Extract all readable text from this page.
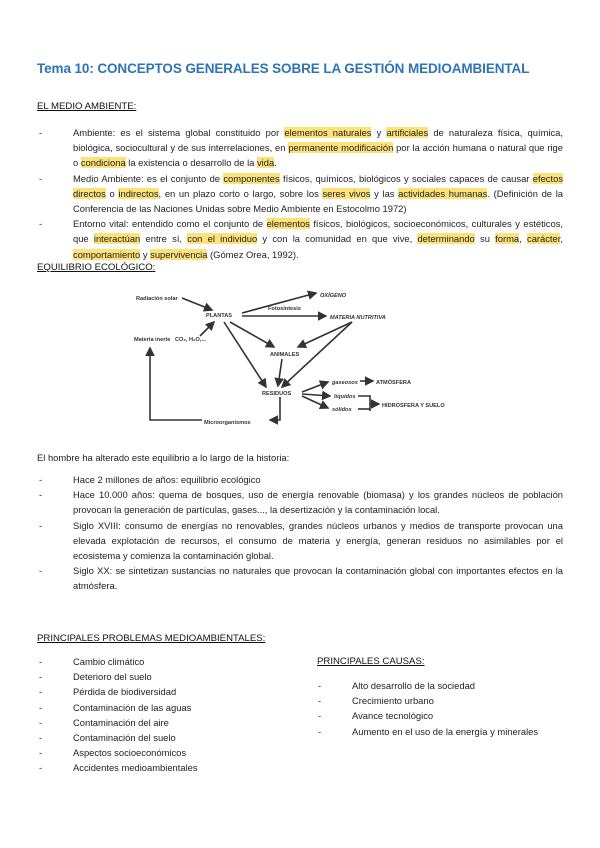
Tema 10: CONCEPTOS GENERALES SOBRE LA GESTIÓN MEDIOAMBIENTAL
EL MEDIO AMBIENTE:
- Ambiente: es el sistema global constituido por elementos naturales y artificiales de naturaleza física, química, biológica, sociocultural y de sus interrelaciones, en permanente modificación por la acción humana o natural que rige o condiciona la existencia o desarrollo de la vida.
- Medio Ambiente: es el conjunto de componentes físicos, químicos, biológicos y sociales capaces de causar efectos directos o indirectos, en un plazo corto o largo, sobre los seres vivos y las actividades humanas. (Definición de la Conferencia de las Naciones Unidas sobre Medio Ambiente en Estocolmo 1972)
- Entorno vital: entendido como el conjunto de elementos físicos, biológicos, socioeconómicos, culturales y estéticos, que interactúan entre sí, con el individuo y con la comunidad en que vive, determinando su forma, carácter, comportamiento y supervivencia (Gómez Orea, 1992).
EQUILIBRIO ECOLÓGICO:
Radiación solar
PLANTAS
Fotosíntesis
OXÍGENO
MATERIA NUTRITIVA
Materia inerte CO₂, H₂O,...
ANIMALES
RESIDUOS
gaseosos	ATMÓSFERA
líquidos
sólidos
HIDROSFERA Y SUELO
Microorganismos
El hombre ha alterado este equilibrio a lo largo de la historia:
- Hace 2 millones de años: equilibrio ecológico
- Hace 10.000 años: quema de bosques, uso de energía renovable (biomasa) y los grandes núcleos de población provocan la generación de partículas, gases..., la desertización y la contaminación local.
- Siglo XVIII: consumo de energías no renovables, grandes núcleos urbanos y medios de transporte provocan una elevada explotación de recursos, el consumo de materia y energía, generan residuos no asimilables por el ecosistema y comienza la contaminación global.
- Siglo XX: se sintetizan sustancias no naturales que provocan la contaminación global con importantes efectos en la atmósfera.
PRINCIPALES PROBLEMAS MEDIOAMBIENTALES:
- Cambio climático
- Deterioro del suelo
- Pérdida de biodiversidad
- Contaminación de las aguas
- Contaminación del aire
- Contaminación del suelo
- Aspectos socioeconómicos
- Accidentes medioambientales
PRINCIPALES CAUSAS:
- Alto desarrollo de la sociedad
- Crecimiento urbano
- Avance tecnológico
- Aumento en el uso de la energía y minerales
